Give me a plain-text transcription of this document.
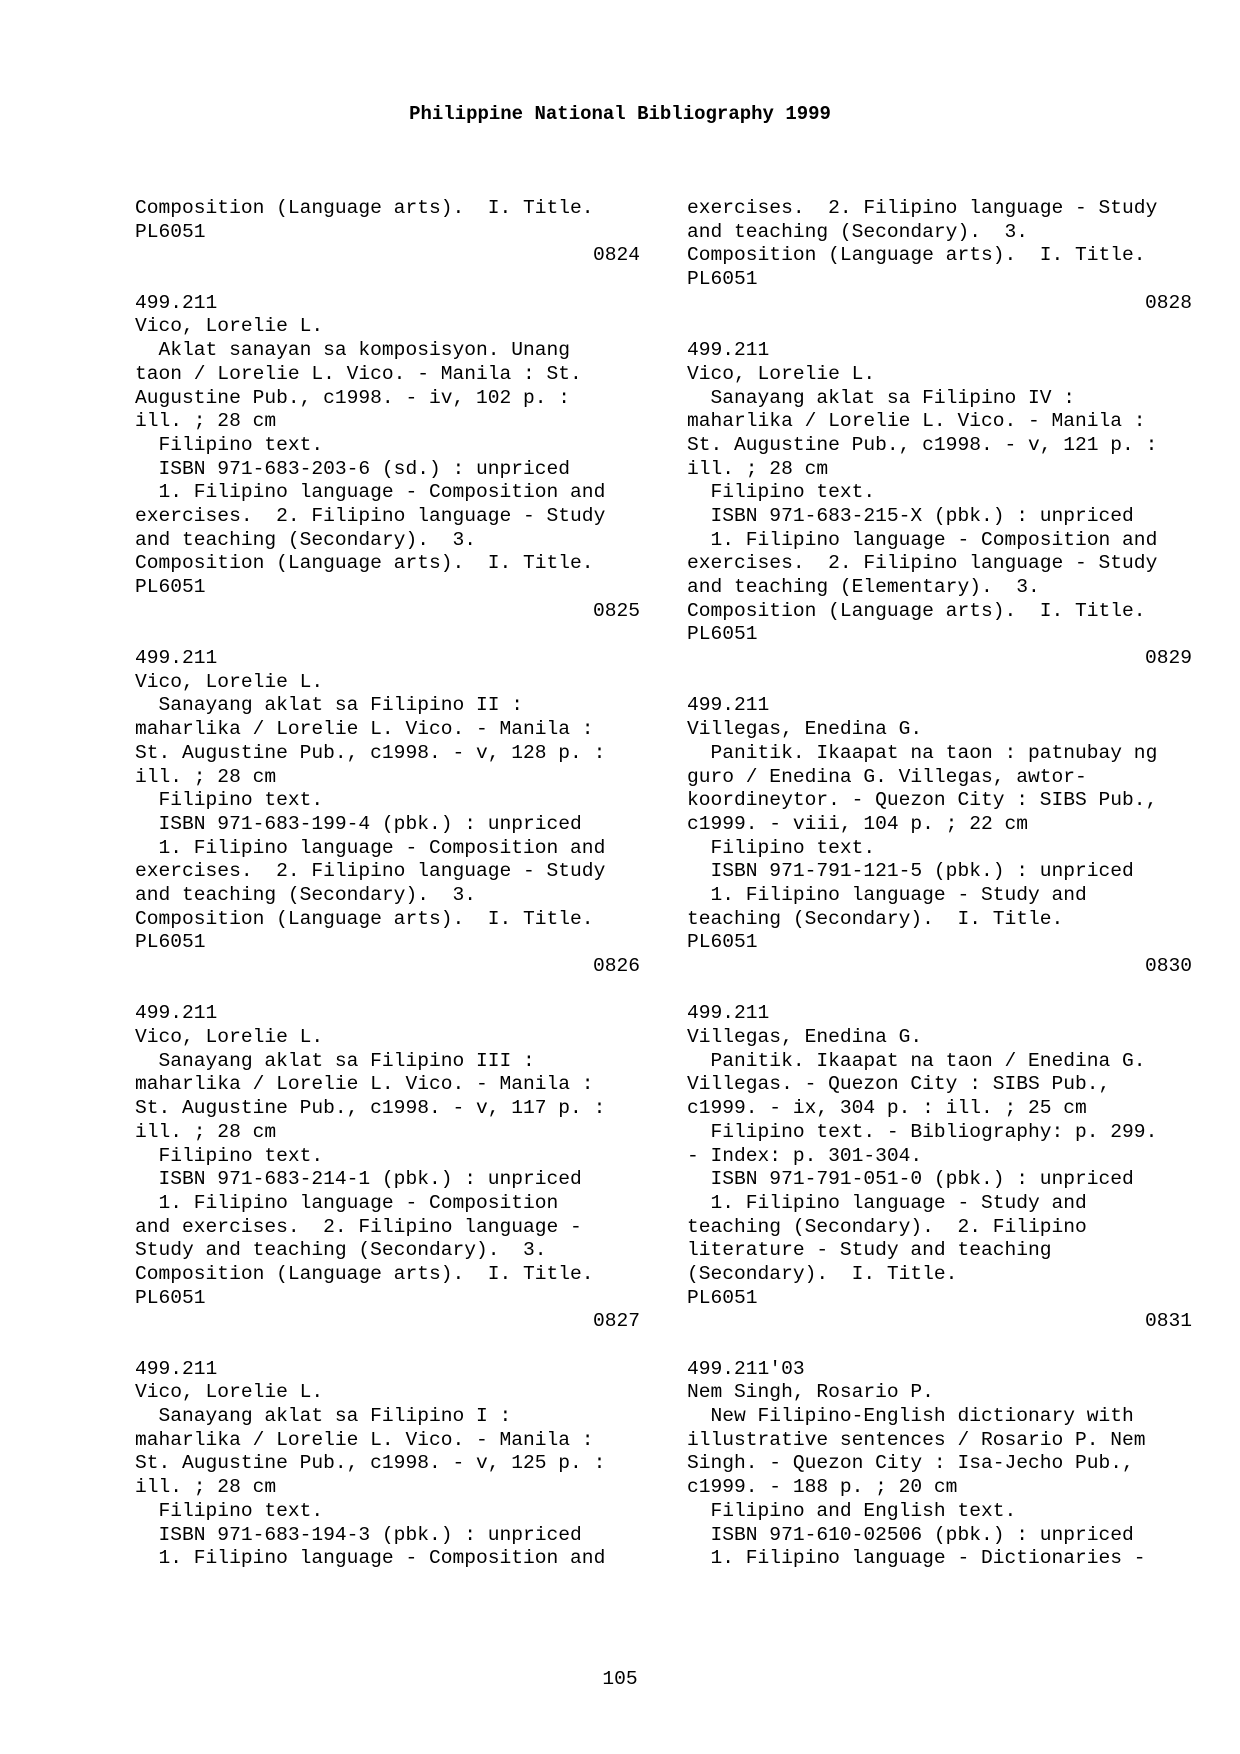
Philippine National Bibliography 1999
Composition (Language arts).  I. Title.
PL6051
0824
499.211
Vico, Lorelie L.
Aklat sanayan sa komposisyon. Unang
taon / Lorelie L. Vico. - Manila : St.
Augustine Pub., c1998. - iv, 102 p. :
ill. ; 28 cm
Filipino text.
ISBN 971-683-203-6 (sd.) : unpriced
1. Filipino language - Composition and
exercises.  2. Filipino language - Study
and teaching (Secondary).  3.
Composition (Language arts).  I. Title.
PL6051
0825
499.211
Vico, Lorelie L.
Sanayang aklat sa Filipino II :
maharlika / Lorelie L. Vico. - Manila :
St. Augustine Pub., c1998. - v, 128 p. :
ill. ; 28 cm
Filipino text.
ISBN 971-683-199-4 (pbk.) : unpriced
1. Filipino language - Composition and
exercises.  2. Filipino language - Study
and teaching (Secondary).  3.
Composition (Language arts).  I. Title.
PL6051
0826
499.211
Vico, Lorelie L.
Sanayang aklat sa Filipino III :
maharlika / Lorelie L. Vico. - Manila :
St. Augustine Pub., c1998. - v, 117 p. :
ill. ; 28 cm
Filipino text.
ISBN 971-683-214-1 (pbk.) : unpriced
1. Filipino language - Composition
and exercises.  2. Filipino language -
Study and teaching (Secondary).  3.
Composition (Language arts).  I. Title.
PL6051
0827
499.211
Vico, Lorelie L.
Sanayang aklat sa Filipino I :
maharlika / Lorelie L. Vico. - Manila :
St. Augustine Pub., c1998. - v, 125 p. :
ill. ; 28 cm
Filipino text.
ISBN 971-683-194-3 (pbk.) : unpriced
1. Filipino language - Composition and
exercises.  2. Filipino language - Study
and teaching (Secondary).  3.
Composition (Language arts).  I. Title.
PL6051
0828
499.211
Vico, Lorelie L.
Sanayang aklat sa Filipino IV :
maharlika / Lorelie L. Vico. - Manila :
St. Augustine Pub., c1998. - v, 121 p. :
ill. ; 28 cm
Filipino text.
ISBN 971-683-215-X (pbk.) : unpriced
1. Filipino language - Composition and
exercises.  2. Filipino language - Study
and teaching (Elementary).  3.
Composition (Language arts).  I. Title.
PL6051
0829
499.211
Villegas, Enedina G.
Panitik. Ikaapat na taon : patnubay ng
guro / Enedina G. Villegas, awtor-
koordineytor. - Quezon City : SIBS Pub.,
c1999. - viii, 104 p. ; 22 cm
Filipino text.
ISBN 971-791-121-5 (pbk.) : unpriced
1. Filipino language - Study and
teaching (Secondary).  I. Title.
PL6051
0830
499.211
Villegas, Enedina G.
Panitik. Ikaapat na taon / Enedina G.
Villegas. - Quezon City : SIBS Pub.,
c1999. - ix, 304 p. : ill. ; 25 cm
Filipino text. - Bibliography: p. 299.
- Index: p. 301-304.
ISBN 971-791-051-0 (pbk.) : unpriced
1. Filipino language - Study and
teaching (Secondary).  2. Filipino
literature - Study and teaching
(Secondary).  I. Title.
PL6051
0831
499.211'03
Nem Singh, Rosario P.
New Filipino-English dictionary with
illustrative sentences / Rosario P. Nem
Singh. - Quezon City : Isa-Jecho Pub.,
c1999. - 188 p. ; 20 cm
Filipino and English text.
ISBN 971-610-02506 (pbk.) : unpriced
1. Filipino language - Dictionaries -
105
